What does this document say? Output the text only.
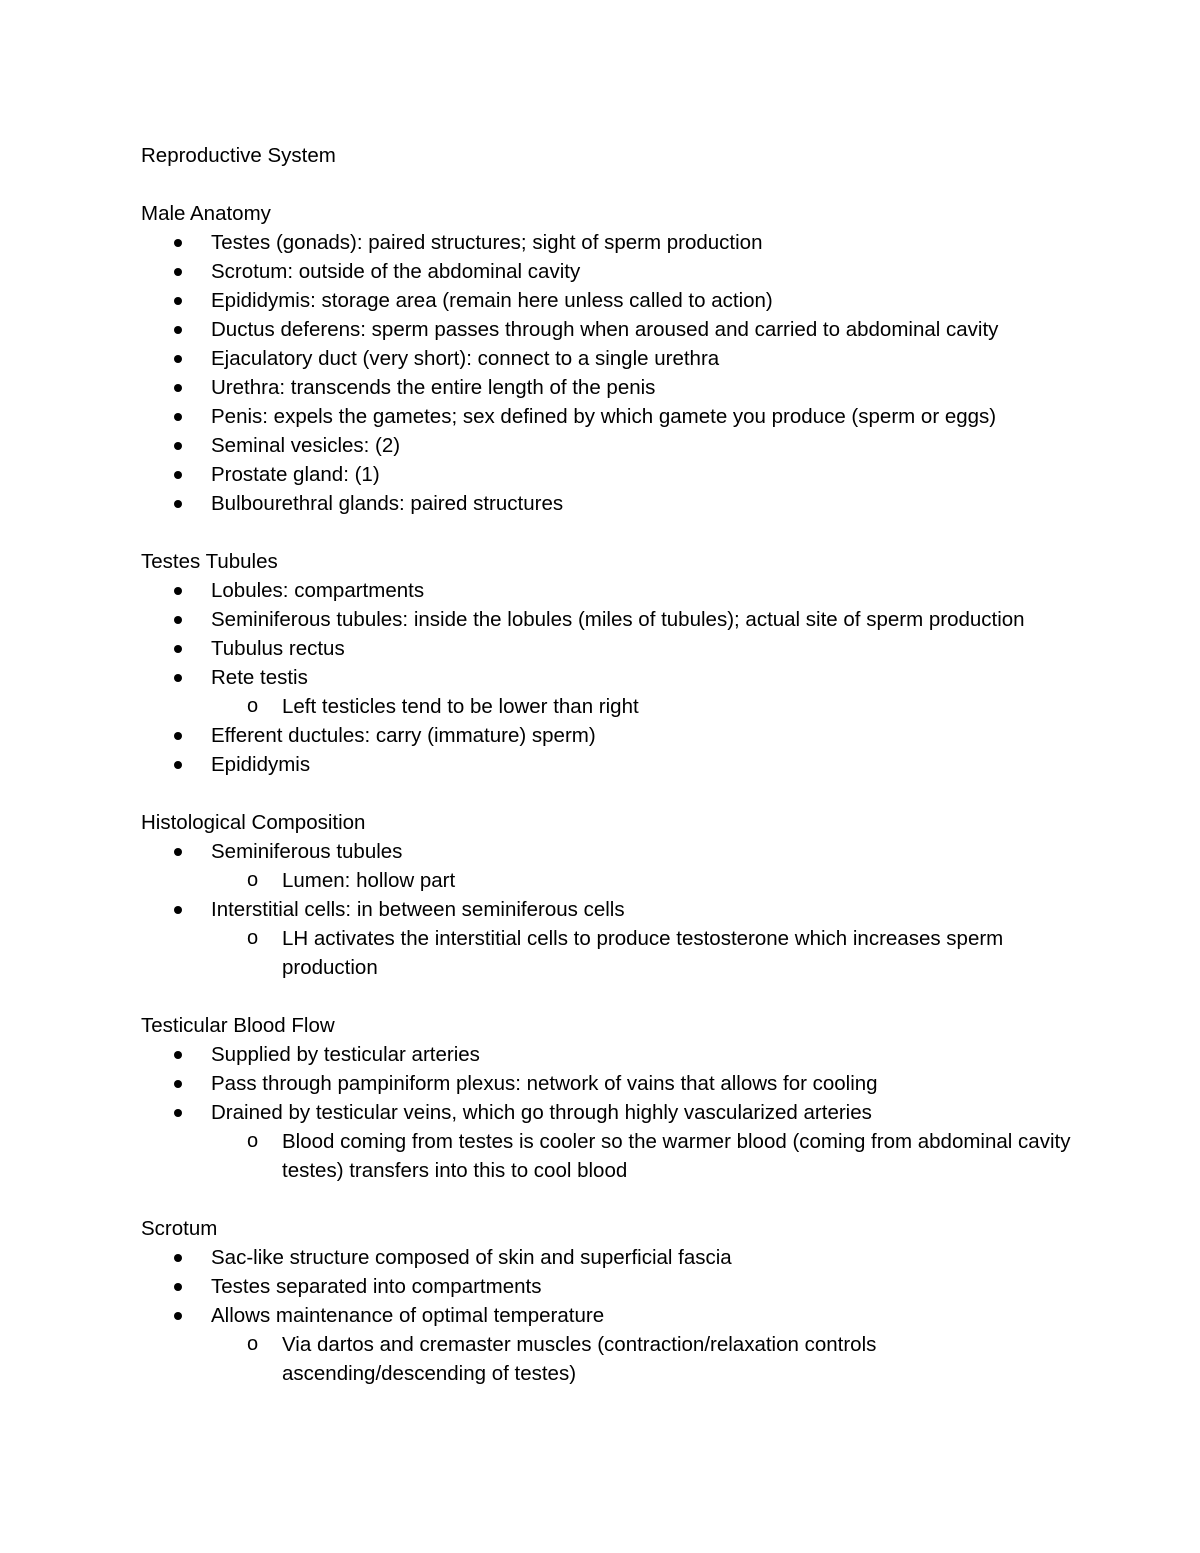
Reproductive System
Male Anatomy
Testes (gonads): paired structures; sight of sperm production
Scrotum: outside of the abdominal cavity
Epididymis: storage area (remain here unless called to action)
Ductus deferens: sperm passes through when aroused and carried to abdominal cavity
Ejaculatory duct (very short): connect to a single urethra
Urethra: transcends the entire length of the penis
Penis: expels the gametes; sex defined by which gamete you produce (sperm or eggs)
Seminal vesicles: (2)
Prostate gland: (1)
Bulbourethral glands: paired structures
Testes Tubules
Lobules: compartments
Seminiferous tubules: inside the lobules (miles of tubules); actual site of sperm production
Tubulus rectus
Rete testis
o Left testicles tend to be lower than right
Efferent ductules: carry (immature) sperm)
Epididymis
Histological Composition
Seminiferous tubules
o Lumen: hollow part
Interstitial cells: in between seminiferous cells
o LH activates the interstitial cells to produce testosterone which increases sperm production
Testicular Blood Flow
Supplied by testicular arteries
Pass through pampiniform plexus: network of vains that allows for cooling
Drained by testicular veins, which go through highly vascularized arteries
o Blood coming from testes is cooler so the warmer blood (coming from abdominal cavity testes) transfers into this to cool blood
Scrotum
Sac-like structure composed of skin and superficial fascia
Testes separated into compartments
Allows maintenance of optimal temperature
o Via dartos and cremaster muscles (contraction/relaxation controls ascending/descending of testes)
